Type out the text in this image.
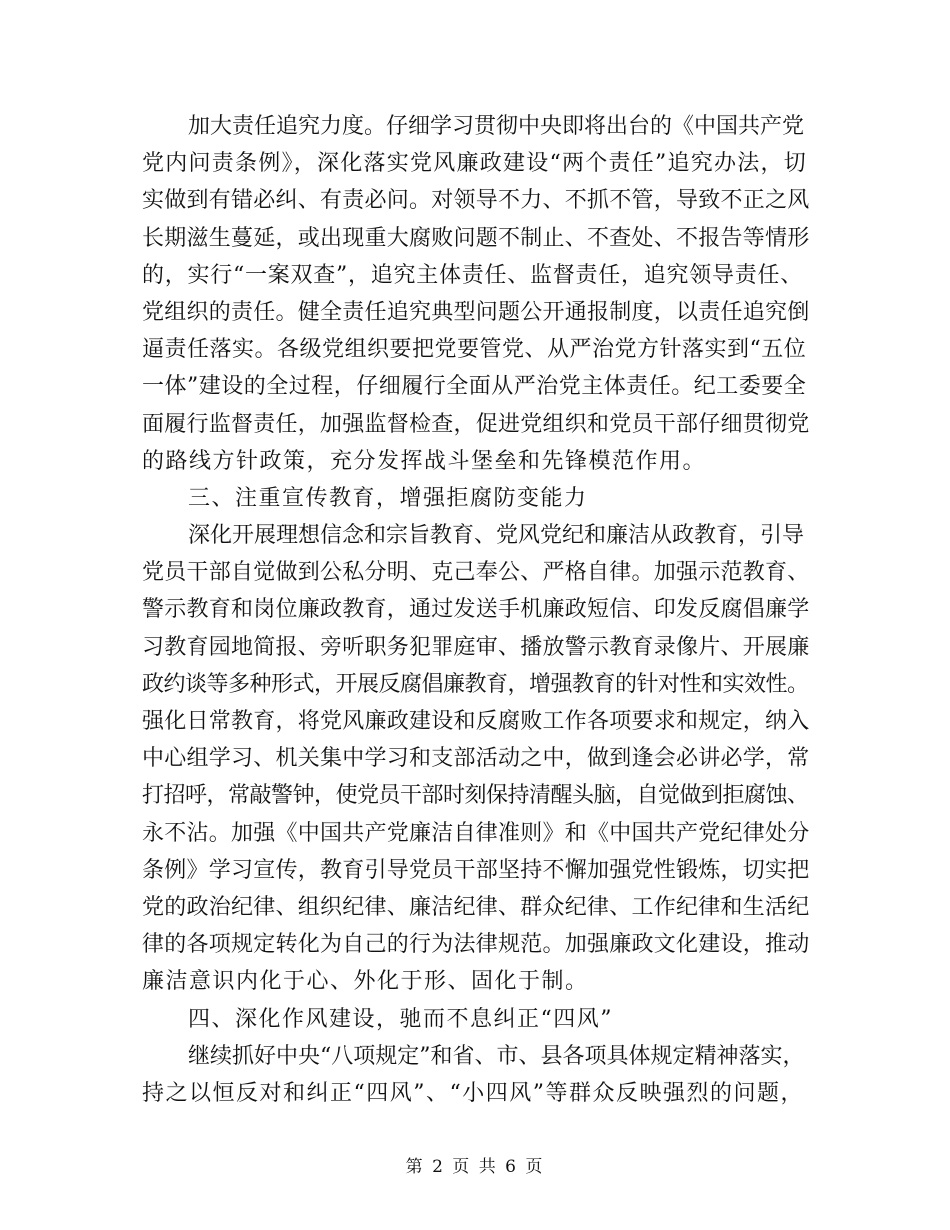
加大责任追究力度。仔细学习贯彻中央即将出台的《中国共产党
党内问责条例》，深化落实党风廉政建设“两个责任”追究办法，切
实做到有错必纠、有责必问。对领导不力、不抓不管，导致不正之风
长期滋生蔓延，或出现重大腐败问题不制止、不查处、不报告等情形
的，实行“一案双查”，追究主体责任、监督责任，追究领导责任、
党组织的责任。健全责任追究典型问题公开通报制度，以责任追究倒
逼责任落实。各级党组织要把党要管党、从严治党方针落实到“五位
一体”建设的全过程，仔细履行全面从严治党主体责任。纪工委要全
面履行监督责任，加强监督检查，促进党组织和党员干部仔细贯彻党
的路线方针政策，充分发挥战斗堡垒和先锋模范作用。
三、注重宣传教育，增强拒腐防变能力
深化开展理想信念和宗旨教育、党风党纪和廉洁从政教育，引导
党员干部自觉做到公私分明、克己奉公、严格自律。加强示范教育、
警示教育和岗位廉政教育，通过发送手机廉政短信、印发反腐倡廉学
习教育园地简报、旁听职务犯罪庭审、播放警示教育录像片、开展廉
政约谈等多种形式，开展反腐倡廉教育，增强教育的针对性和实效性。
强化日常教育，将党风廉政建设和反腐败工作各项要求和规定，纳入
中心组学习、机关集中学习和支部活动之中，做到逢会必讲必学，常
打招呼，常敲警钟，使党员干部时刻保持清醒头脑，自觉做到拒腐蚀、
永不沾。加强《中国共产党廉洁自律准则》和《中国共产党纪律处分
条例》学习宣传，教育引导党员干部坚持不懈加强党性锻炼，切实把
党的政治纪律、组织纪律、廉洁纪律、群众纪律、工作纪律和生活纪
律的各项规定转化为自己的行为法律规范。加强廉政文化建设，推动
廉洁意识内化于心、外化于形、固化于制。
四、深化作风建设，驰而不息纠正“四风”
继续抓好中央“八项规定”和省、市、县各项具体规定精神落实，
持之以恒反对和纠正“四风”、“小四风”等群众反映强烈的问题，
第 2 页 共 6 页
